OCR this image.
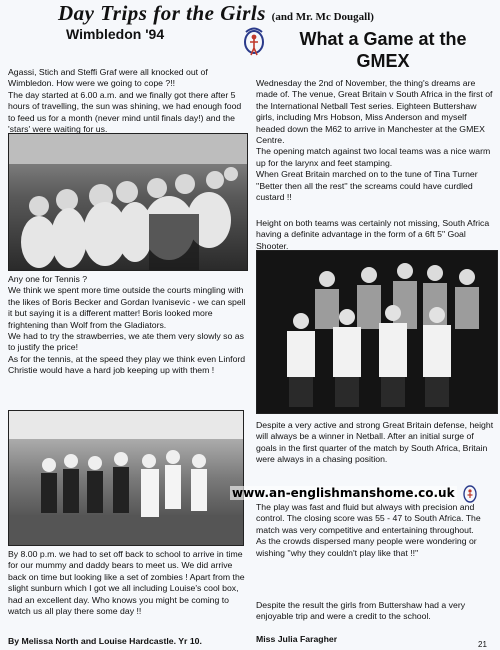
Day Trips for the Girls (and Mr. Mc Dougall)
Wimbledon '94	What a Game at the
GMEX

Agassi, Stich and Steffi Graf were all knocked out of Wimbledon. How were we going to cope ?!!

The day started at 6.00 a.m. and we finally got there after 5 hours of travelling, the sun was shining, we had enough food to feed us for a month (never mind until finals day!) and the 'stars' were waiting for us.

Any one for Tennis ?

We think we spent more time outside the courts mingling with the likes of Boris Becker and Gordan Ivanisevic - we can spell it but saying it is a different matter! Boris looked more frightening than Wolf from the Gladiators.

We had to try the strawberries, we ate them very slowly so as to justify the price!

As for the tennis, at the speed they play we think even Linford Christie would have a hard job keeping up with them !

By 8.00 p.m. we had to set off back to school to arrive in time for our mummy and daddy bears to meet us. We did arrive back on time but looking like a set of zombies ! Apart from the slight sunburn which I got we all including Louise's cool box, had an excellent day. Who knows you might be coming to watch us all play there some day !!

By Melissa North and Louise Hardcastle. Yr 10.

Wednesday the 2nd of November, the thing's dreams are made of. The venue, Great Britain v South Africa in the first of the International Netball Test series. Eighteen Buttershaw girls, including Mrs Hobson, Miss Anderson and myself headed down the M62 to arrive in Manchester at the GMEX Centre.

The opening match against two local teams was a nice warm up for the larynx and feet stamping.

When Great Britain marched on to the tune of Tina Turner ''Better then all the rest'' the screams could have curdled custard !!

Height on both teams was certainly not missing, South Africa having a definite advantage in the form of a 6ft 5" Goal Shooter.

Despite a very active and strong Great Britain defense, height will always be a winner in Netball. After an initial surge of goals in the first quarter of the match by South Africa, Britain were always in a chasing position.

www.an-englishmanshome.co.uk

The play was fast and fluid but always with precision and control. The closing score was 55 - 47 to South Africa. The match was very competitive and entertaining throughout.

As the crowds dispersed many people were wondering or wishing ''why they couldn't play like that !!''

Despite the result the girls from Buttershaw had a very enjoyable trip and were a credit to the school.

Miss Julia Faragher
21
